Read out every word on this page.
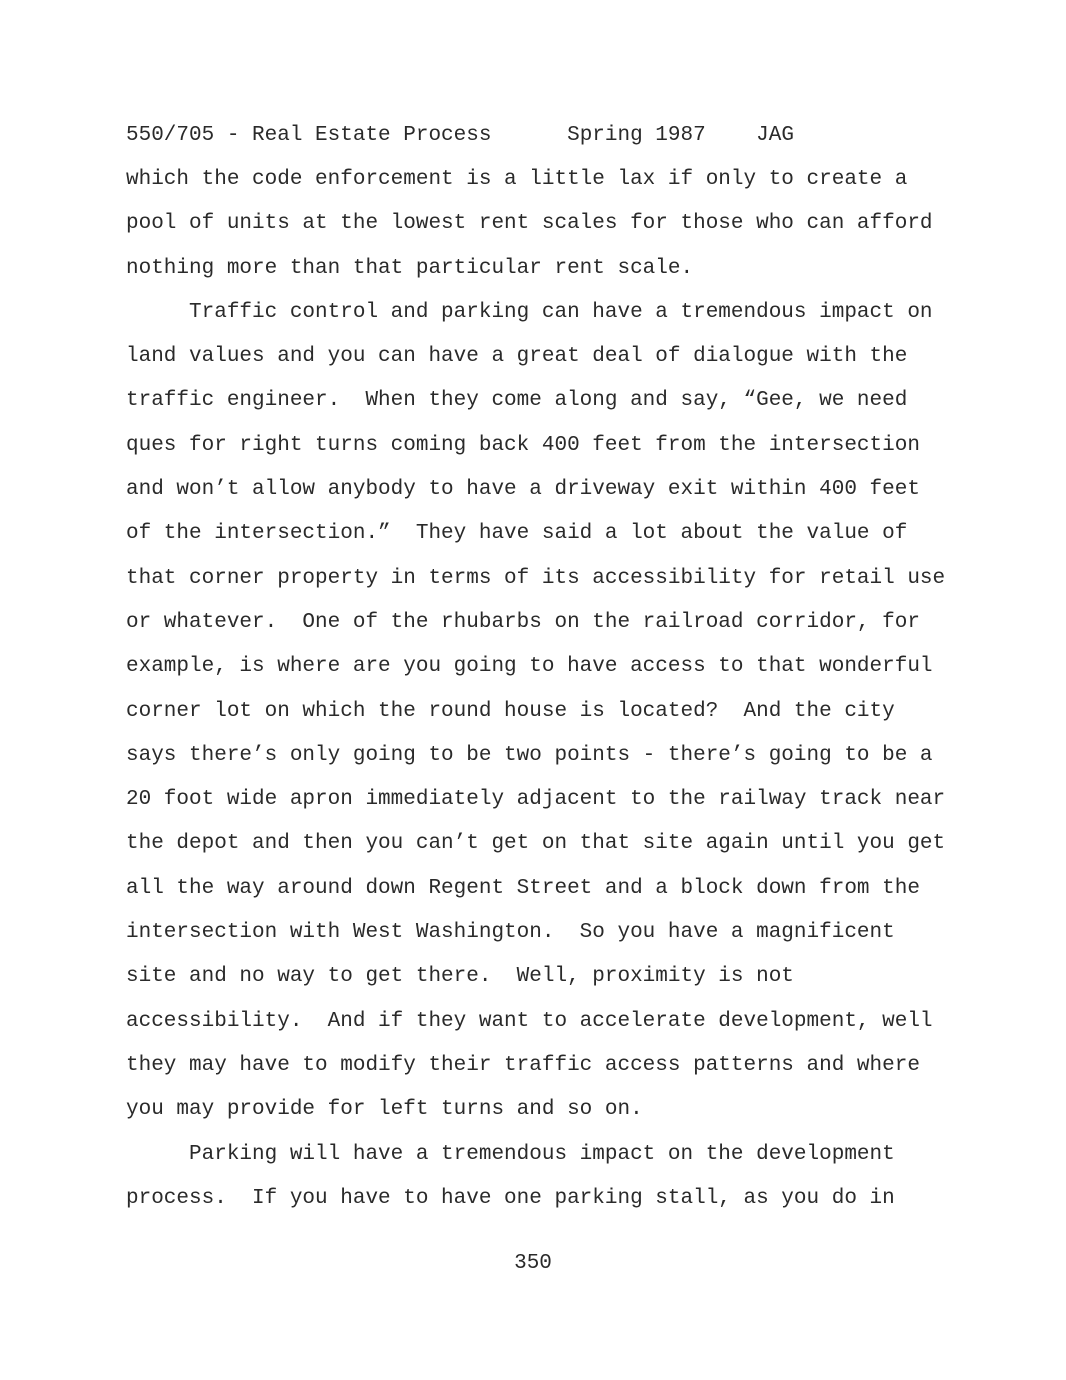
550/705 - Real Estate Process	Spring 1987 JAG
which the code enforcement is a little lax if only to create a
pool of units at the lowest rent scales for those who can afford
nothing more than that particular rent scale.
Traffic control and parking can have a tremendous impact on
land values and you can have a great deal of dialogue with the
traffic engineer.  When they come along and say, “Gee, we need
ques for right turns coming back 400 feet from the intersection
and won’t allow anybody to have a driveway exit within 400 feet
of the intersection.”  They have said a lot about the value of
that corner property in terms of its accessibility for retail use
or whatever.  One of the rhubarbs on the railroad corridor, for
example, is where are you going to have access to that wonderful
corner lot on which the round house is located?  And the city
says there’s only going to be two points - there’s going to be a
20 foot wide apron immediately adjacent to the railway track near
the depot and then you can’t get on that site again until you get
all the way around down Regent Street and a block down from the
intersection with West Washington.  So you have a magnificent
site and no way to get there.  Well, proximity is not
accessibility.  And if they want to accelerate development, well
they may have to modify their traffic access patterns and where
you may provide for left turns and so on.
Parking will have a tremendous impact on the development
process.  If you have to have one parking stall, as you do in
350
